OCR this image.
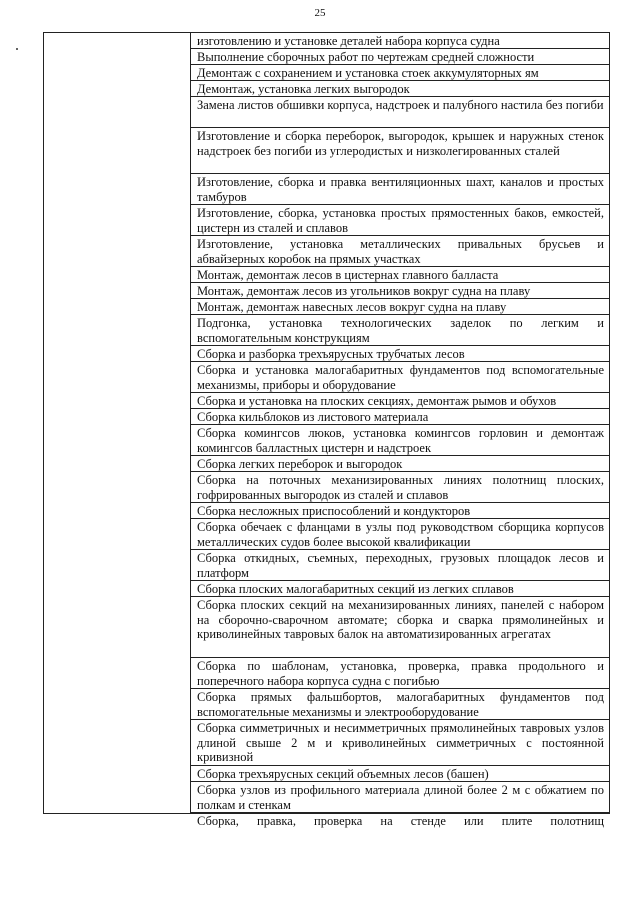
25
изготовлению и установке деталей набора корпуса судна
Выполнение сборочных работ по чертежам средней сложности
Демонтаж с сохранением и установка стоек аккумуляторных ям
Демонтаж, установка легких выгородок
Замена листов обшивки корпуса, надстроек и палубного настила без погиби
Изготовление и сборка переборок, выгородок, крышек и наружных стенок надстроек без погиби из углеродистых и низколегированных сталей
Изготовление, сборка и правка вентиляционных шахт, каналов и простых тамбуров
Изготовление, сборка, установка простых прямостенных баков, емкостей, цистерн из сталей и сплавов
Изготовление, установка металлических привальных брусьев и абвайзерных коробок на прямых участках
Монтаж, демонтаж лесов в цистернах главного балласта
Монтаж, демонтаж лесов из угольников вокруг судна на плаву
Монтаж, демонтаж навесных лесов вокруг судна на плаву
Подгонка, установка технологических заделок по легким и вспомогательным конструкциям
Сборка и разборка трехъярусных трубчатых лесов
Сборка и установка малогабаритных фундаментов под вспомогательные механизмы, приборы и оборудование
Сборка и установка на плоских секциях, демонтаж рымов и обухов
Сборка кильблоков из листового материала
Сборка комингсов люков, установка комингсов горловин и демонтаж комингсов балластных цистерн и надстроек
Сборка легких переборок и выгородок
Сборка на поточных механизированных линиях полотнищ плоских, гофрированных выгородок из сталей и сплавов
Сборка несложных приспособлений и кондукторов
Сборка обечаек с фланцами в узлы под руководством сборщика корпусов металлических судов более высокой квалификации
Сборка откидных, съемных, переходных, грузовых площадок лесов и платформ
Сборка плоских малогабаритных секций из легких сплавов
Сборка плоских секций на механизированных линиях, панелей с набором на сборочно-сварочном автомате; сборка и сварка прямолинейных и криволинейных тавровых балок на автоматизированных агрегатах
Сборка по шаблонам, установка, проверка, правка продольного и поперечного набора корпуса судна с погибью
Сборка прямых фальшбортов, малогабаритных фундаментов под вспомогательные механизмы и электрооборудование
Сборка симметричных и несимметричных прямолинейных тавровых узлов длиной свыше 2 м и криволинейных симметричных с постоянной кривизной
Сборка трехъярусных секций объемных лесов (башен)
Сборка узлов из профильного материала длиной более 2 м с обжатием по полкам и стенкам
Сборка, правка, проверка на стенде или плите полотнищ
